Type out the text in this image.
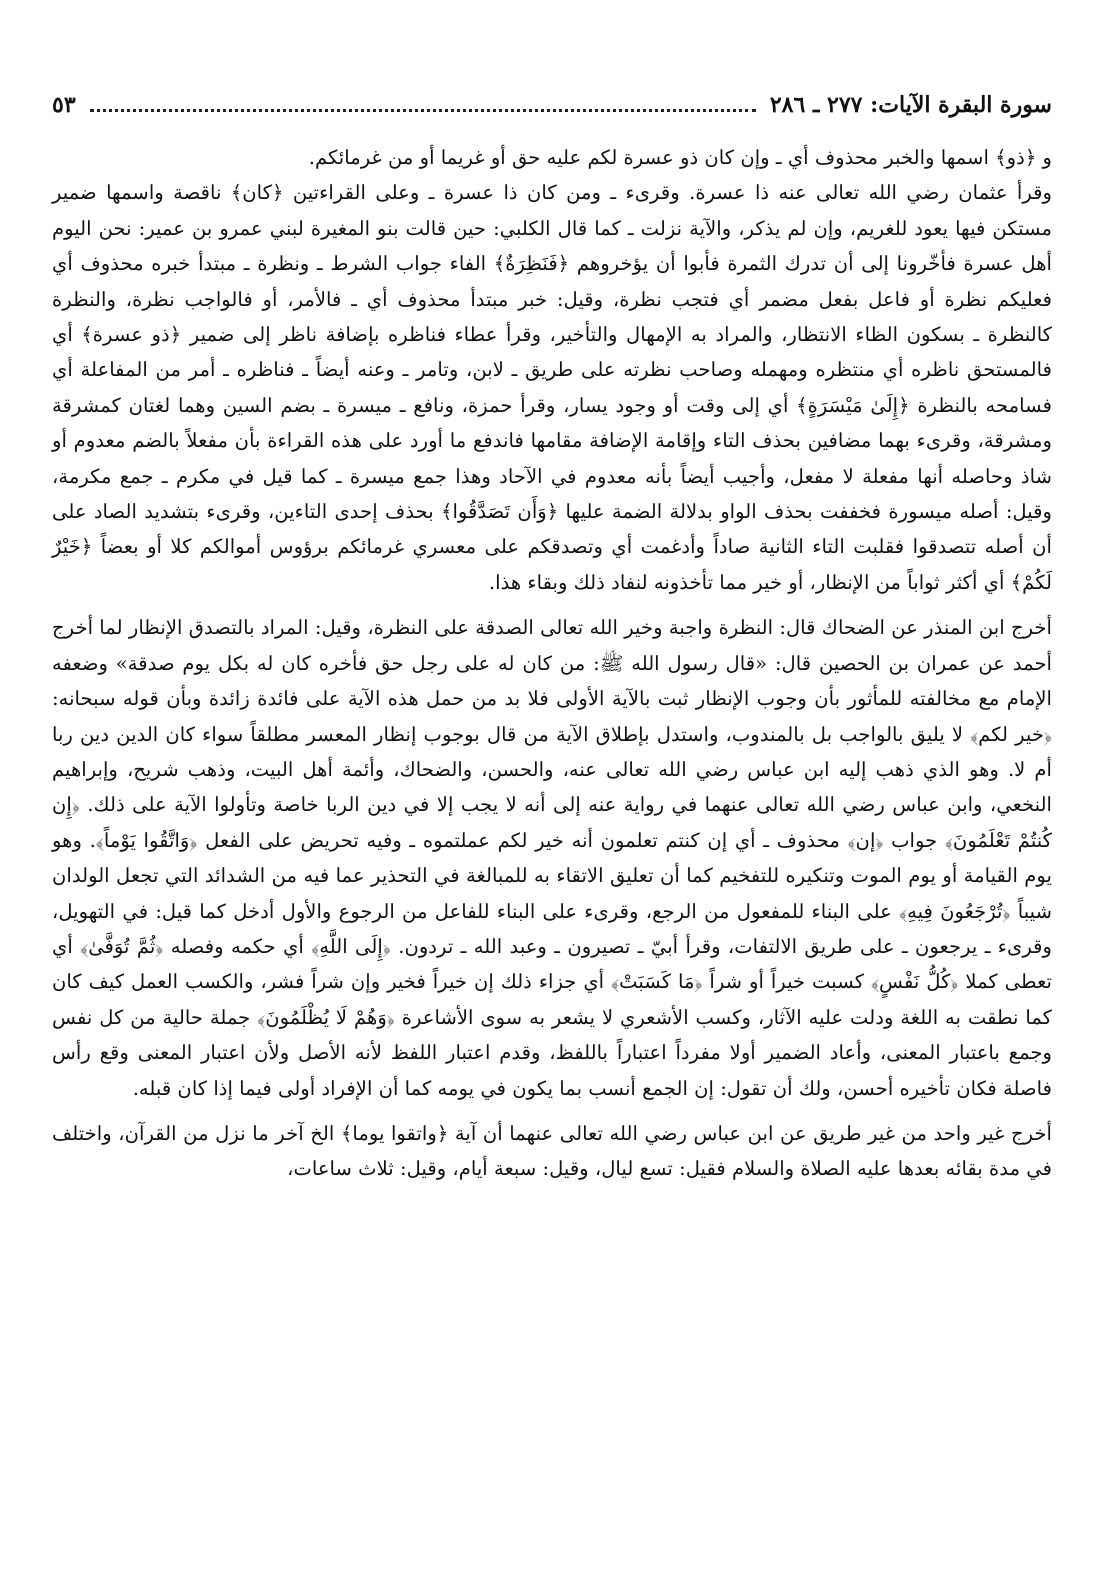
سورة البقرة الآيات: ٢٧٧ ـ ٢٨٦
٥٣

و ﴿ذو﴾ اسمها والخبر محذوف أي ـ وإن كان ذو عسرة لكم عليه حق أو غريما أو من غرمائكم.

وقرأ عثمان رضي الله تعالى عنه ذا عسرة. وقرىء ـ ومن كان ذا عسرة ـ وعلى القراءتين ﴿كان﴾ ناقصة واسمها ضمير مستكن فيها يعود للغريم، وإن لم يذكر، والآية نزلت ـ كما قال الكلبي: حين قالت بنو المغيرة لبني عمرو بن عمير: نحن اليوم أهل عسرة فأخّرونا إلى أن تدرك الثمرة فأبوا أن يؤخروهم ﴿فَنَظِرَةٌ﴾ الفاء جواب الشرط ـ ونظرة ـ مبتدأ خبره محذوف أي فعليكم نظرة أو فاعل بفعل مضمر أي فتجب نظرة، وقيل: خبر مبتدأ محذوف أي ـ فالأمر، أو فالواجب نظرة، والنظرة كالنظرة ـ بسكون الظاء الانتظار، والمراد به الإمهال والتأخير، وقرأ عطاء فناظره بإضافة ناظر إلى ضمير ﴿ذو عسرة﴾ أي فالمستحق ناظره أي منتظره ومهمله وصاحب نظرته على طريق ـ لابن، وتامر ـ وعنه أيضاً ـ فناظره ـ أمر من المفاعلة أي فسامحه بالنظرة ﴿إِلَىٰ مَيْسَرَةٍ﴾ أي إلى وقت أو وجود يسار، وقرأ حمزة، ونافع ـ ميسرة ـ بضم السين وهما لغتان كمشرقة ومشرقة، وقرىء بهما مضافين بحذف التاء وإقامة الإضافة مقامها فاندفع ما أورد على هذه القراءة بأن مفعلاً بالضم معدوم أو شاذ وحاصله أنها مفعلة لا مفعل، وأجيب أيضاً بأنه معدوم في الآحاد وهذا جمع ميسرة ـ كما قيل في مكرم ـ جمع مكرمة، وقيل: أصله ميسورة فخففت بحذف الواو بدلالة الضمة عليها ﴿وَأَن تَصَدَّقُوا﴾ بحذف إحدى التاءين، وقرىء بتشديد الصاد على أن أصله تتصدقوا فقلبت التاء الثانية صاداً وأدغمت أي وتصدقكم على معسري غرمائكم برؤوس أموالكم كلا أو بعضاً ﴿خَيْرٌ لَكُمْ﴾ أي أكثر ثواباً من الإنظار، أو خير مما تأخذونه لنفاد ذلك وبقاء هذا.

أخرج ابن المنذر عن الضحاك قال: النظرة واجبة وخير الله تعالى الصدقة على النظرة، وقيل: المراد بالتصدق الإنظار لما أخرج أحمد عن عمران بن الحصين قال: «قال رسول الله ﷺ: من كان له على رجل حق فأخره كان له بكل يوم صدقة» وضعفه الإمام مع مخالفته للمأثور بأن وجوب الإنظار ثبت بالآية الأولى فلا بد من حمل هذه الآية على فائدة زائدة وبأن قوله سبحانه: ﴿خير لكم﴾ لا يليق بالواجب بل بالمندوب، واستدل بإطلاق الآية من قال بوجوب إنظار المعسر مطلقاً سواء كان الدين دين ربا أم لا. وهو الذي ذهب إليه ابن عباس رضي الله تعالى عنه، والحسن، والضحاك، وأئمة أهل البيت، وذهب شريح، وإبراهيم النخعي، وابن عباس رضي الله تعالى عنهما في رواية عنه إلى أنه لا يجب إلا في دين الربا خاصة وتأولوا الآية على ذلك. ﴿إِن كُنتُمْ تَعْلَمُونَ﴾ جواب ﴿إن﴾ محذوف ـ أي إن كنتم تعلمون أنه خير لكم عملتموه ـ وفيه تحريض على الفعل ﴿وَاتَّقُوا يَوْماً﴾. وهو يوم القيامة أو يوم الموت وتنكيره للتفخيم كما أن تعليق الاتقاء به للمبالغة في التحذير عما فيه من الشدائد التي تجعل الولدان شيباً ﴿تُرْجَعُونَ فِيهِ﴾ على البناء للمفعول من الرجع، وقرىء على البناء للفاعل من الرجوع والأول أدخل كما قيل: في التهويل، وقرىء ـ يرجعون ـ على طريق الالتفات، وقرأ أبيّ ـ تصيرون ـ وعبد الله ـ تردون. ﴿إِلَى اللَّهِ﴾ أي حكمه وفصله ﴿ثُمَّ تُوَفَّىٰ﴾ أي تعطى كملا ﴿كُلُّ نَفْسٍ﴾ كسبت خيراً أو شراً ﴿مَا كَسَبَتْ﴾ أي جزاء ذلك إن خيراً فخير وإن شراً فشر، والكسب العمل كيف كان كما نطقت به اللغة ودلت عليه الآثار، وكسب الأشعري لا يشعر به سوى الأشاعرة ﴿وَهُمْ لَا يُظْلَمُونَ﴾ جملة حالية من كل نفس وجمع باعتبار المعنى، وأعاد الضمير أولا مفرداً اعتباراً باللفظ، وقدم اعتبار اللفظ لأنه الأصل ولأن اعتبار المعنى وقع رأس فاصلة فكان تأخيره أحسن، ولك أن تقول: إن الجمع أنسب بما يكون في يومه كما أن الإفراد أولى فيما إذا كان قبله.

أخرج غير واحد من غير طريق عن ابن عباس رضي الله تعالى عنهما أن آية ﴿واتقوا يوما﴾ الخ آخر ما نزل من القرآن، واختلف في مدة بقائه بعدها عليه الصلاة والسلام فقيل: تسع ليال، وقيل: سبعة أيام، وقيل: ثلاث ساعات،
